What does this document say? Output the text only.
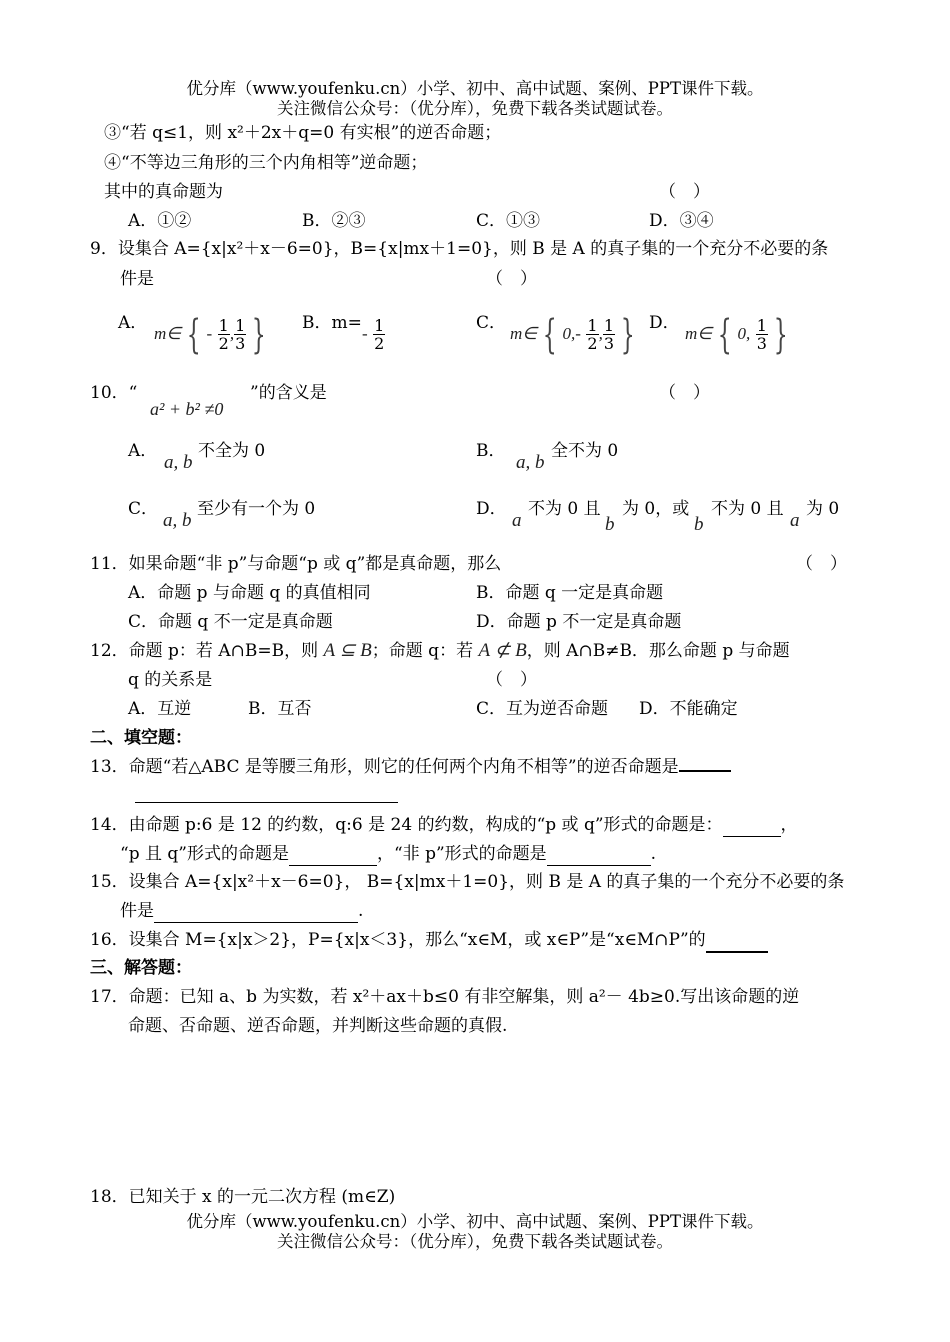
优分库（www.youfenku.cn）小学、初中、高中试题、案例、PPT课件下载。
关注微信公众号：（优分库），免费下载各类试题试卷。
③“若 q≤1，则 x²＋2x＋q=0 有实根”的逆否命题；
④“不等边三角形的三个内角相等”逆命题；
其中的真命题为	（　）
A．①②	B．②③	C．①③	D．③④
9．设集合 A={x|x²＋x－6=0}，B={x|mx＋1=0}，则 B 是 A 的真子集的一个充分不必要的条
件是	（　）
A．
m∈ { - $\frac{1}{2}$ , $\frac{1}{3}$ }	B．m=
- $\frac{1}{2}$	C．
m∈ { $0,- \frac{1}{2}$ , $\frac{1}{3}$ } D．
m∈ { 0, $\frac{1}{3}$ }
10．“
a² + b² ≠0
”的含义是	（　）
A．
a, b
不全为 0	B．
a, b
全不为 0
C．
a, b
至少有一个为 0	D．
a
不为 0 且
b
为 0，或
b
不为 0 且
a
为 0
11．如果命题“非 p”与命题“p 或 q”都是真命题，那么	（　）
A．命题 p 与命题 q 的真值相同	B．命题 q 一定是真命题
C．命题 q 不一定是真命题	D．命题 p 不一定是真命题
12．命题 p：若 A∩B=B，则 A ⊆ B；命题 q：若 A ⊄ B，则 A∩B≠B．那么命题 p 与命题
q 的关系是	（　）
A．互逆	B．互否	C．互为逆否命题 D．不能确定
二、填空题：
13．命题“若△ABC 是等腰三角形，则它的任何两个内角不相等”的逆否命题是
14．由命题 p:6 是 12 的约数，q:6 是 24 的约数，构成的“p 或 q”形式的命题是：	，
“p 且 q”形式的命题是	，“非 p”形式的命题是	.
15．设集合 A={x|x²＋x－6=0}， B={x|mx＋1=0}，则 B 是 A 的真子集的一个充分不必要的条
件是	.
16．设集合 M={x|x＞2}，P={x|x＜3}，那么“x∈M，或 x∈P”是“x∈M∩P”的
三、解答题：
17．命题：已知 a、b 为实数，若 x²＋ax＋b≤0 有非空解集，则 a²－ 4b≥0.写出该命题的逆
命题、否命题、逆否命题，并判断这些命题的真假.
18．已知关于 x 的一元二次方程 (m∈Z)
优分库（www.youfenku.cn）小学、初中、高中试题、案例、PPT课件下载。
关注微信公众号：（优分库），免费下载各类试题试卷。
